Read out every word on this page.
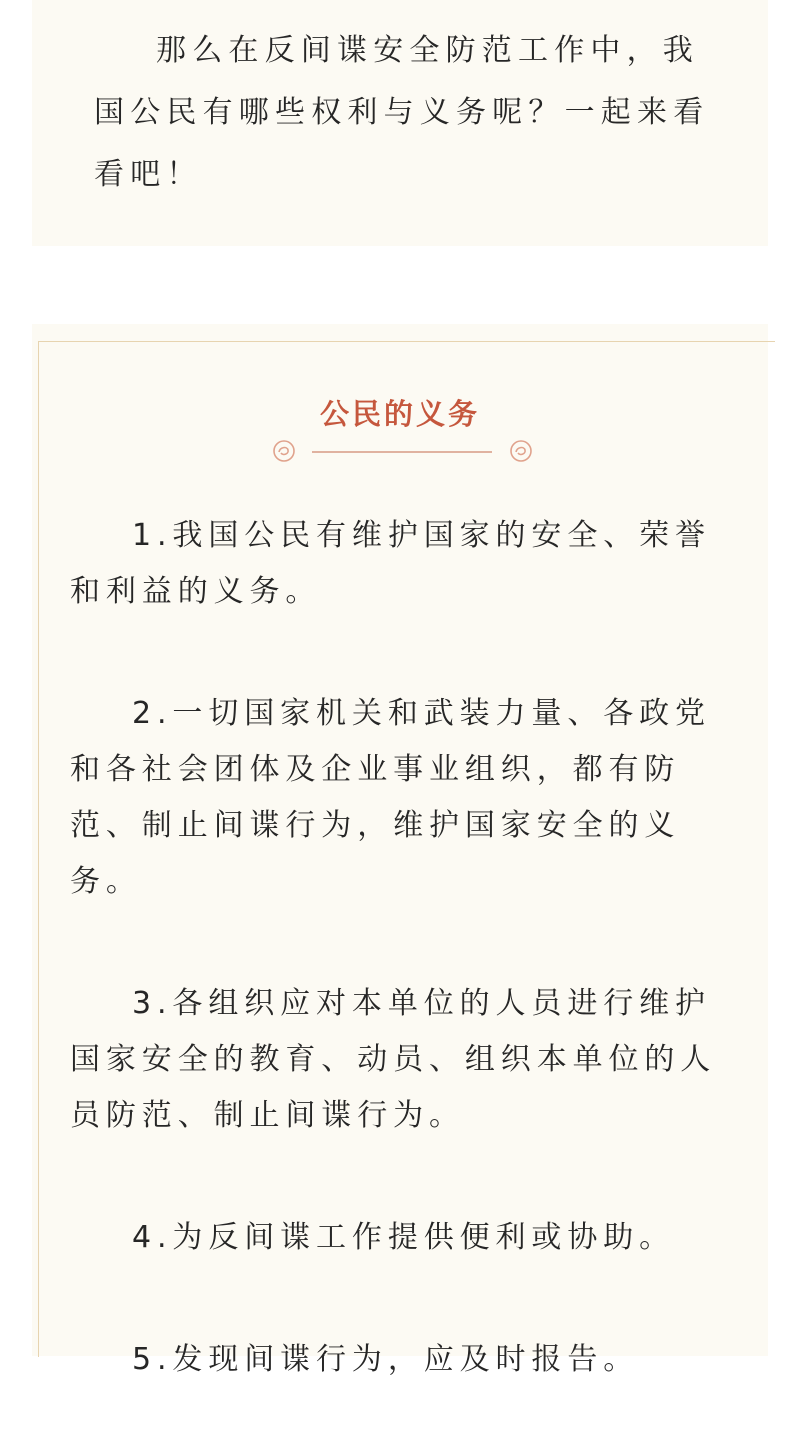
那么在反间谍安全防范工作中，我国公民有哪些权利与义务呢？一起来看看吧！

公民的义务
1.我国公民有维护国家的安全、荣誉和利益的义务。
2.一切国家机关和武装力量、各政党和各社会团体及企业事业组织，都有防范、制止间谍行为，维护国家安全的义务。
3.各组织应对本单位的人员进行维护国家安全的教育、动员、组织本单位的人员防范、制止间谍行为。
4.为反间谍工作提供便利或协助。
5.发现间谍行为，应及时报告。
